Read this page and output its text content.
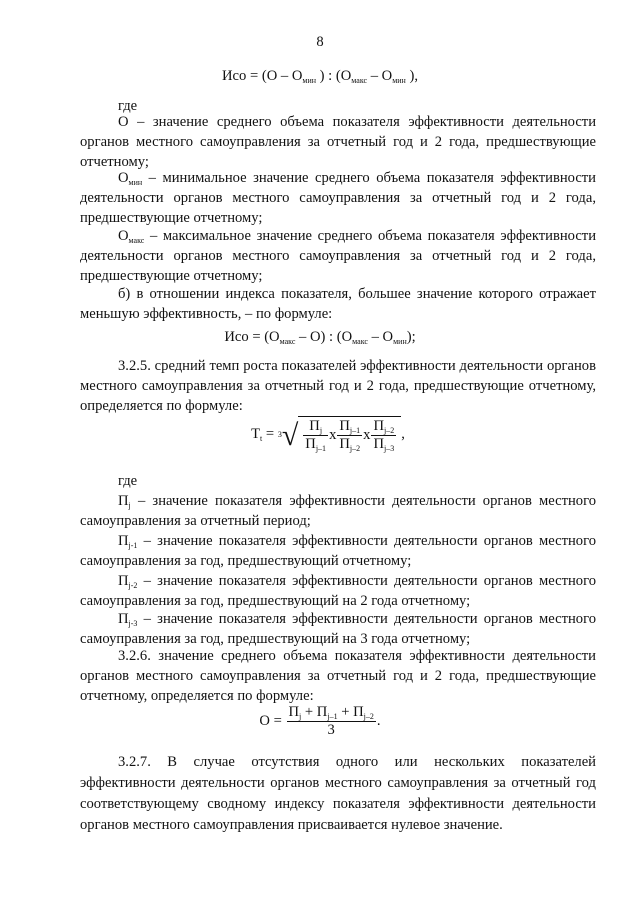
8
Исо = ($О - О_{мин}$ ) : ($О_{макс} - О_{мин}$ ),
где
О – значение среднего объема показателя эффективности деятельности органов местного самоуправления за отчетный год и 2 года, предшествующие отчетному;
$О_{мин}$ – минимальное значение среднего объема показателя эффективности деятельности органов местного самоуправления за отчетный год и 2 года, предшествующие отчетному;
$О_{макс}$ – максимальное значение среднего объема показателя эффективности деятельности органов местного самоуправления за отчетный год и 2 года, предшествующие отчетному;
б) в отношении индекса показателя, большее значение которого отражает меньшую эффективность, – по формуле:
Исо = $(О_{макс} - О)$ : $(О_{макс} - О_{мин})$;
3.2.5. средний темп роста показателей эффективности деятельности органов местного самоуправления за отчетный год и 2 года, предшествующие отчетному, определяется по формуле:
$Т_t = ^3√ \frac{П_j}{П_{j-1}}$ х $\frac{П_{j-1}}{П_{j-2}}$ х $\frac{П_{j-2}}{П_{j-3}}$ ,
где
$П_j$ – значение показателя эффективности деятельности органов местного самоуправления за отчетный период;
$П_{j-1}$ – значение показателя эффективности деятельности органов местного самоуправления за год, предшествующий отчетному;
$П_{j-2}$ – значение показателя эффективности деятельности органов местного самоуправления за год, предшествующий на 2 года отчетному;
$П_{j-3}$ – значение показателя эффективности деятельности органов местного самоуправления за год, предшествующий на 3 года отчетному;
3.2.6. значение среднего объема показателя эффективности деятельности органов местного самоуправления за отчетный год и 2 года, предшествующие отчетному, определяется по формуле:
$О = \frac{П_j + П_{j-1} + П_{j-2}}{3}$ .
3.2.7. В случае отсутствия одного или нескольких показателей эффективности деятельности органов местного самоуправления за отчетный год соответствующему сводному индексу показателя эффективности деятельности органов местного самоуправления присваивается нулевое значение.
